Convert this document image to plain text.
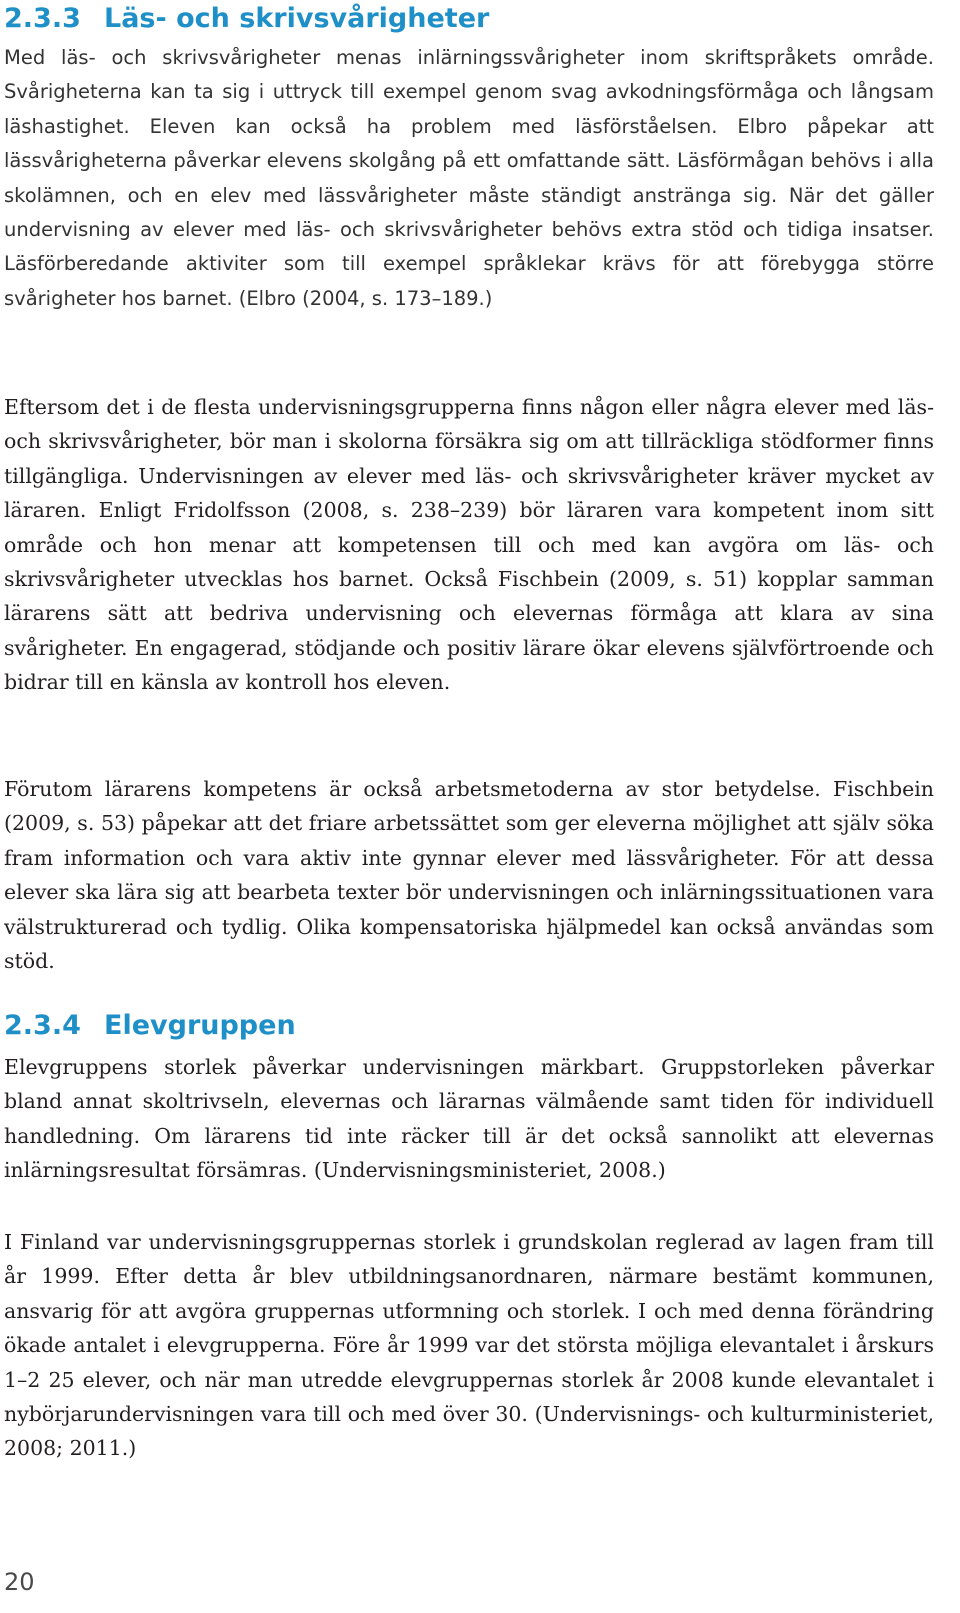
2.3.3 Läs- och skrivsvårigheter

Med läs- och skrivsvårigheter menas inlärningssvårigheter inom skriftspråkets område. Svårigheterna kan ta sig i uttryck till exempel genom svag avkodningsförmåga och långsam läshastighet. Eleven kan också ha problem med läsförståelsen. Elbro påpekar att lässvårigheterna påverkar elevens skolgång på ett omfattande sätt. Läsförmågan behövs i alla skolämnen, och en elev med lässvårigheter måste ständigt anstränga sig. När det gäller undervisning av elever med läs- och skrivsvårigheter behövs extra stöd och tidiga insatser. Läsförberedande aktiviter som till exempel språklekar krävs för att förebygga större svårigheter hos barnet. (Elbro (2004, s. 173–189.)

Eftersom det i de flesta undervisningsgrupperna finns någon eller några elever med läs- och skrivsvårigheter, bör man i skolorna försäkra sig om att tillräckliga stödformer finns tillgängliga. Undervisningen av elever med läs- och skrivsvårigheter kräver mycket av läraren. Enligt Fridolfsson (2008, s. 238–239) bör läraren vara kompetent inom sitt område och hon menar att kompetensen till och med kan avgöra om läs- och skrivsvårigheter utvecklas hos barnet. Också Fischbein (2009, s. 51) kopplar samman lärarens sätt att bedriva undervisning och elevernas förmåga att klara av sina svårigheter. En engagerad, stödjande och positiv lärare ökar elevens självförtroende och bidrar till en känsla av kontroll hos eleven.

Förutom lärarens kompetens är också arbetsmetoderna av stor betydelse. Fischbein (2009, s. 53) påpekar att det friare arbetssättet som ger eleverna möjlighet att själv söka fram information och vara aktiv inte gynnar elever med lässvårigheter. För att dessa elever ska lära sig att bearbeta texter bör undervisningen och inlärningssituationen vara välstrukturerad och tydlig. Olika kompensatoriska hjälpmedel kan också användas som stöd.

2.3.4 Elevgruppen

Elevgruppens storlek påverkar undervisningen märkbart. Gruppstorleken påverkar bland annat skoltrivseln, elevernas och lärarnas välmående samt tiden för individuell handledning. Om lärarens tid inte räcker till är det också sannolikt att elevernas inlärningsresultat försämras. (Undervisningsministeriet, 2008.)

I Finland var undervisningsgruppernas storlek i grundskolan reglerad av lagen fram till år 1999. Efter detta år blev utbildningsanordnaren, närmare bestämt kommunen, ansvarig för att avgöra gruppernas utformning och storlek. I och med denna förändring ökade antalet i elevgrupperna. Före år 1999 var det största möjliga elevantalet i årskurs 1–2 25 elever, och när man utredde elevgruppernas storlek år 2008 kunde elevantalet i nybörjarundervisningen vara till och med över 30. (Undervisnings- och kulturministeriet, 2008; 2011.)

20
